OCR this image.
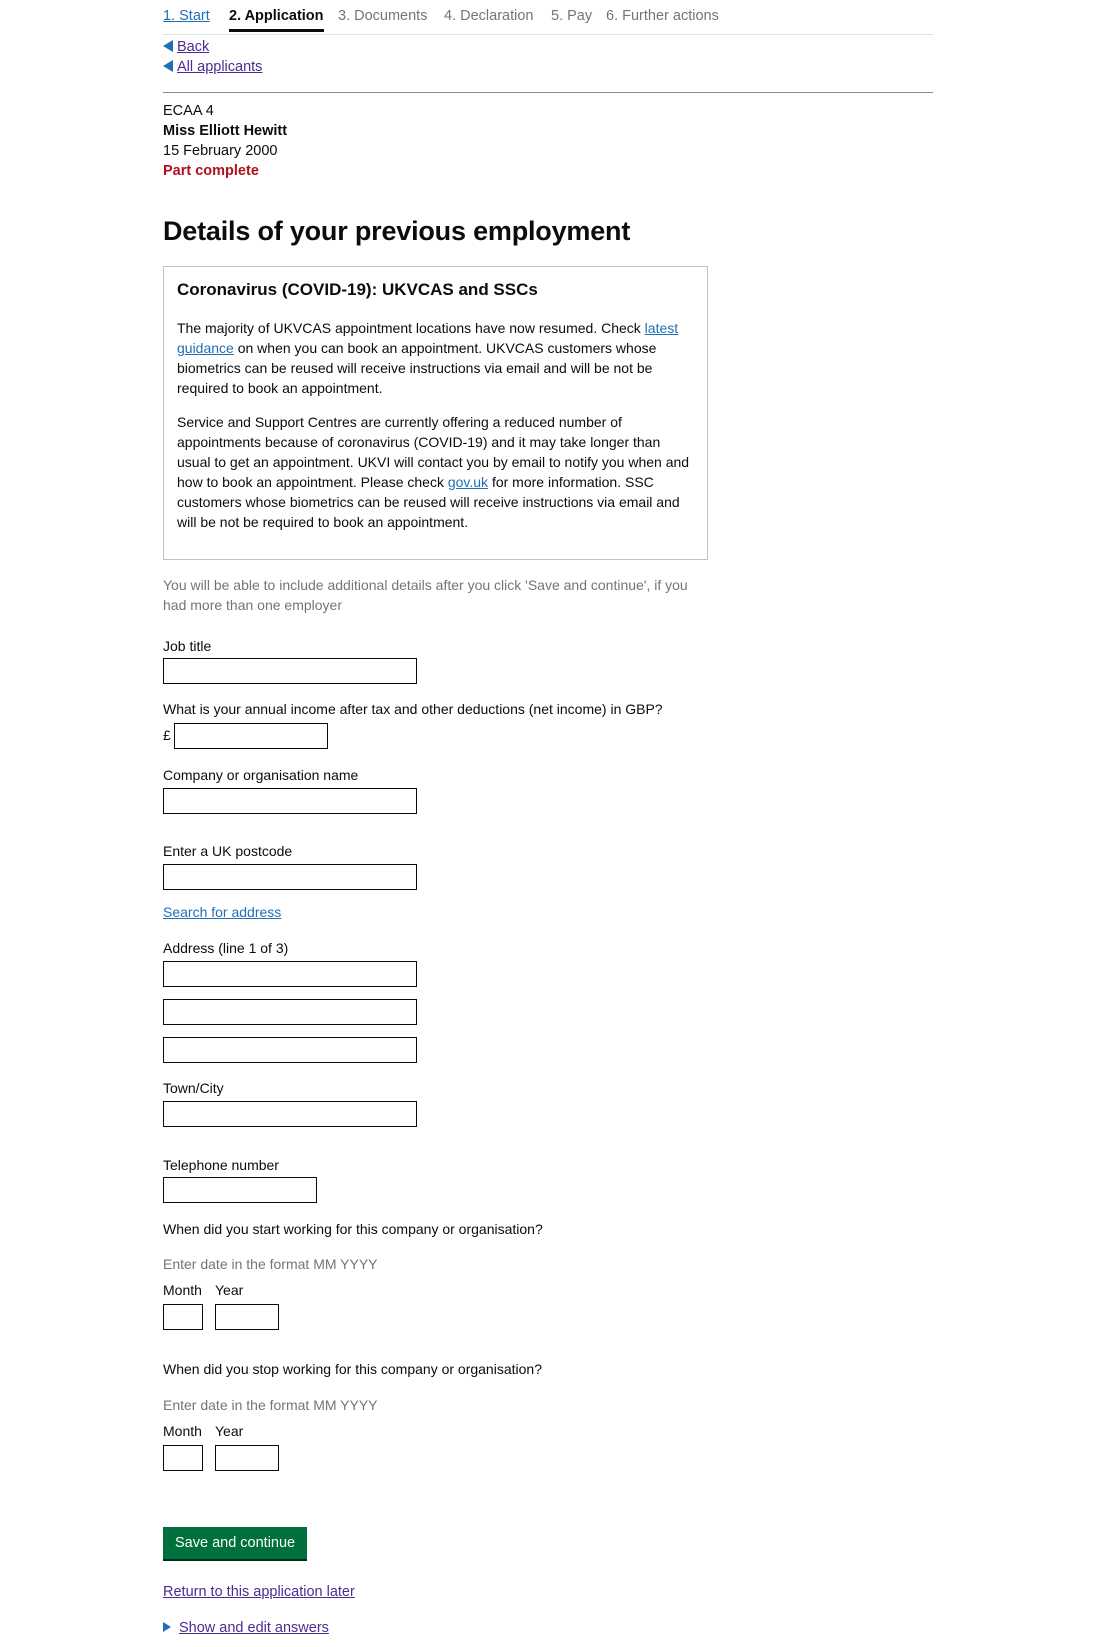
1. Start 2. Application 3. Documents 4. Declaration 5. Pay 6. Further actions
Back
All applicants
ECAA 4
Miss Elliott Hewitt
15 February 2000
Part complete
Details of your previous employment
Coronavirus (COVID-19): UKVCAS and SSCs

The majority of UKVCAS appointment locations have now resumed. Check latest guidance on when you can book an appointment. UKVCAS customers whose biometrics can be reused will receive instructions via email and will be not be required to book an appointment.

Service and Support Centres are currently offering a reduced number of appointments because of coronavirus (COVID-19) and it may take longer than usual to get an appointment. UKVI will contact you by email to notify you when and how to book an appointment. Please check gov.uk for more information. SSC customers whose biometrics can be reused will receive instructions via email and will be not be required to book an appointment.

You will be able to include additional details after you click 'Save and continue', if you had more than one employer
Job title
What is your annual income after tax and other deductions (net income) in GBP?
£
Company or organisation name
Enter a UK postcode
Search for address
Address (line 1 of 3)
Town/City
Telephone number
When did you start working for this company or organisation?
Enter date in the format MM YYYY
Month Year
When did you stop working for this company or organisation?
Enter date in the format MM YYYY
Month Year
Save and continue
Return to this application later
Show and edit answers
